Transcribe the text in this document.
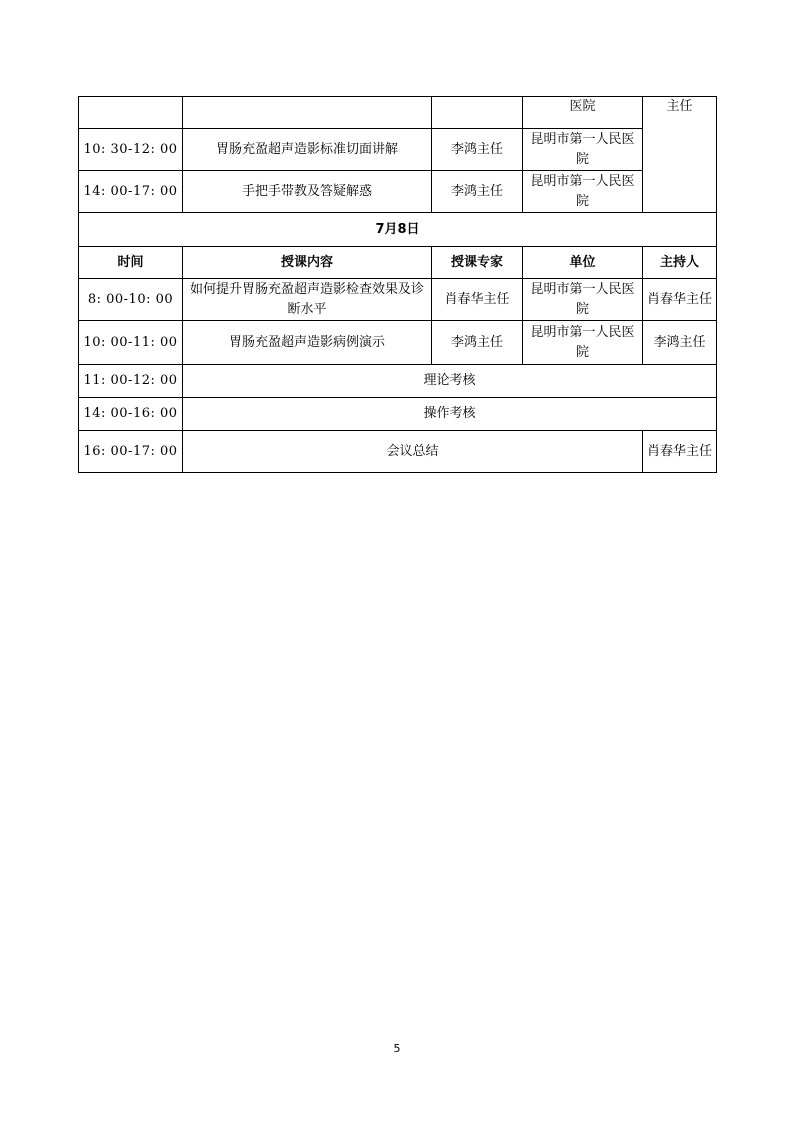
			医院	主任
10: 30-12: 00	胃肠充盈超声造影标准切面讲解	李鸿主任	昆明市第一人民医院	
14: 00-17: 00	手把手带教及答疑解惑	李鸿主任	昆明市第一人民医院	
7月8日				
时间	授课内容	授课专家	单位	主持人
8: 00-10: 00	如何提升胃肠充盈超声造影检查效果及诊断水平	肖春华主任	昆明市第一人民医院	肖春华主任
10: 00-11: 00	胃肠充盈超声造影病例演示	李鸿主任	昆明市第一人民医院	李鸿主任
11: 00-12: 00	理论考核			
14: 00-16: 00	操作考核			
16: 00-17: 00	会议总结			肖春华主任
5
